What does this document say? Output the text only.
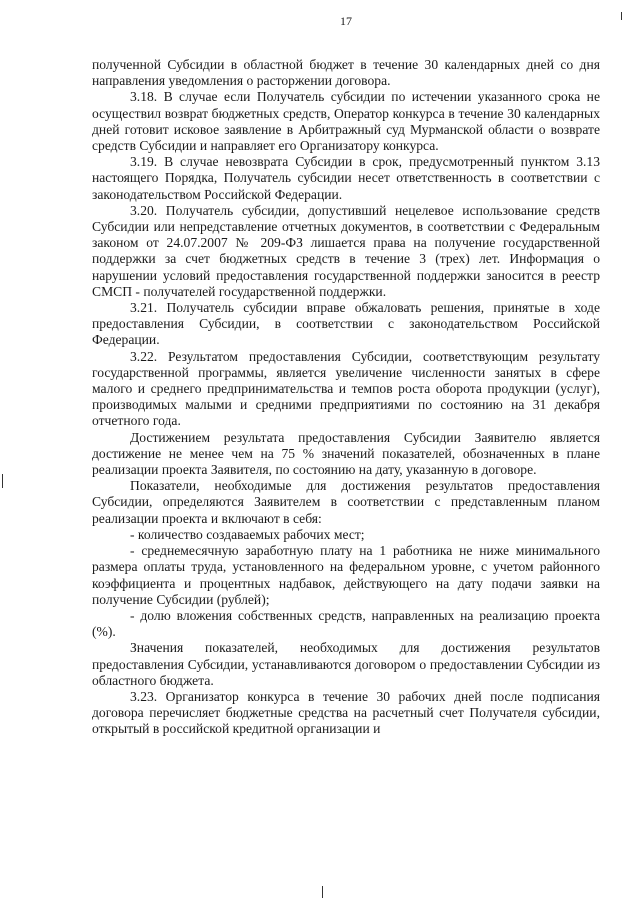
17

полученной Субсидии в областной бюджет в течение 30 календарных дней со дня направления уведомления о расторжении договора.

3.18. В случае если Получатель субсидии по истечении указанного срока не осуществил возврат бюджетных средств, Оператор конкурса в течение 30 календарных дней готовит исковое заявление в Арбитражный суд Мурманской области о возврате средств Субсидии и направляет его Организатору конкурса.

3.19. В случае невозврата Субсидии в срок, предусмотренный пунктом 3.13 настоящего Порядка, Получатель субсидии несет ответственность в соответствии с законодательством Российской Федерации.

3.20. Получатель субсидии, допустивший нецелевое использование средств Субсидии или непредставление отчетных документов, в соответствии с Федеральным законом от 24.07.2007 № 209-ФЗ лишается права на получение государственной поддержки за счет бюджетных средств в течение 3 (трех) лет. Информация о нарушении условий предоставления государственной поддержки заносится в реестр СМСП - получателей государственной поддержки.

3.21. Получатель субсидии вправе обжаловать решения, принятые в ходе предоставления Субсидии, в соответствии с законодательством Российской Федерации.

3.22. Результатом предоставления Субсидии, соответствующим результату государственной программы, является увеличение численности занятых в сфере малого и среднего предпринимательства и темпов роста оборота продукции (услуг), производимых малыми и средними предприятиями по состоянию на 31 декабря отчетного года.

Достижением результата предоставления Субсидии Заявителю является достижение не менее чем на 75 % значений показателей, обозначенных в плане реализации проекта Заявителя, по состоянию на дату, указанную в договоре.

Показатели, необходимые для достижения результатов предоставления Субсидии, определяются Заявителем в соответствии с представленным планом реализации проекта и включают в себя:

- количество создаваемых рабочих мест;

- среднемесячную заработную плату на 1 работника не ниже минимального размера оплаты труда, установленного на федеральном уровне, с учетом районного коэффициента и процентных надбавок, действующего на дату подачи заявки на получение Субсидии (рублей);

- долю вложения собственных средств, направленных на реализацию проекта (%).

Значения показателей, необходимых для достижения результатов предоставления Субсидии, устанавливаются договором о предоставлении Субсидии из областного бюджета.

3.23. Организатор конкурса в течение 30 рабочих дней после подписания договора перечисляет бюджетные средства на расчетный счет Получателя субсидии, открытый в российской кредитной организации и
